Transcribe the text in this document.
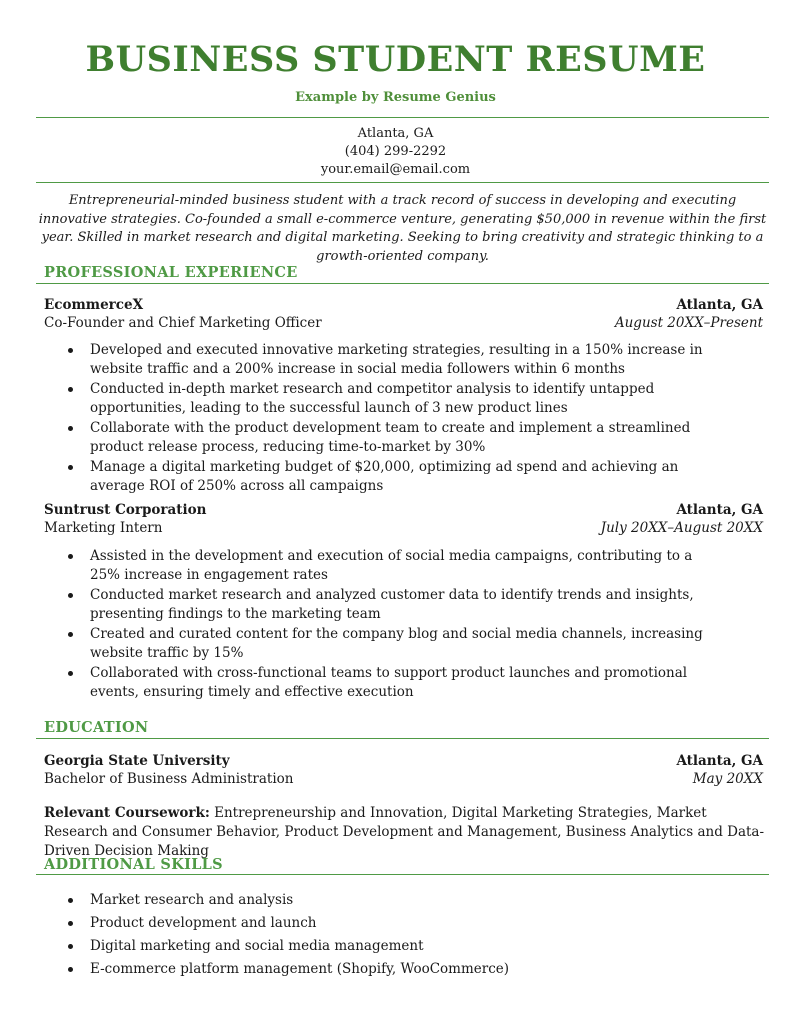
BUSINESS STUDENT RESUME
Example by Resume Genius
Atlanta, GA
(404) 299-2292
your.email@email.com
Entrepreneurial-minded business student with a track record of success in developing and executing innovative strategies. Co-founded a small e-commerce venture, generating $50,000 in revenue within the first year. Skilled in market research and digital marketing. Seeking to bring creativity and strategic thinking to a growth-oriented company.
PROFESSIONAL EXPERIENCE
EcommerceX	Atlanta, GA
Co-Founder and Chief Marketing Officer	August 20XX–Present
Developed and executed innovative marketing strategies, resulting in a 150% increase in website traffic and a 200% increase in social media followers within 6 months
Conducted in-depth market research and competitor analysis to identify untapped opportunities, leading to the successful launch of 3 new product lines
Collaborate with the product development team to create and implement a streamlined product release process, reducing time-to-market by 30%
Manage a digital marketing budget of $20,000, optimizing ad spend and achieving an average ROI of 250% across all campaigns
Suntrust Corporation	Atlanta, GA
Marketing Intern	July 20XX–August 20XX
Assisted in the development and execution of social media campaigns, contributing to a 25% increase in engagement rates
Conducted market research and analyzed customer data to identify trends and insights, presenting findings to the marketing team
Created and curated content for the company blog and social media channels, increasing website traffic by 15%
Collaborated with cross-functional teams to support product launches and promotional events, ensuring timely and effective execution
EDUCATION
Georgia State University	Atlanta, GA
Bachelor of Business Administration	May 20XX
Relevant Coursework: Entrepreneurship and Innovation, Digital Marketing Strategies, Market Research and Consumer Behavior, Product Development and Management, Business Analytics and Data-Driven Decision Making
ADDITIONAL SKILLS
Market research and analysis
Product development and launch
Digital marketing and social media management
E-commerce platform management (Shopify, WooCommerce)
